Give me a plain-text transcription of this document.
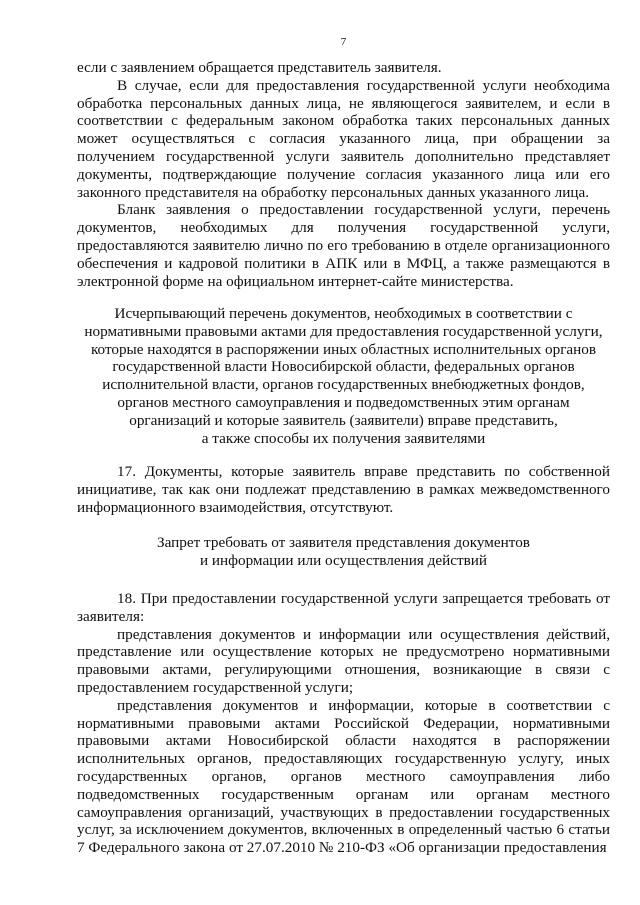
7

если с заявлением обращается представитель заявителя.

В случае, если для предоставления государственной услуги необходима обработка персональных данных лица, не являющегося заявителем, и если в соответствии с федеральным законом обработка таких персональных данных может осуществляться с согласия указанного лица, при обращении за получением государственной услуги заявитель дополнительно представляет документы, подтверждающие получение согласия указанного лица или его законного представителя на обработку персональных данных указанного лица.

Бланк заявления о предоставлении государственной услуги, перечень документов, необходимых для получения государственной услуги, предоставляются заявителю лично по его требованию в отделе организационного обеспечения и кадровой политики в АПК или в МФЦ, а также размещаются в электронной форме на официальном интернет-сайте министерства.

Исчерпывающий перечень документов, необходимых в соответствии с
нормативными правовыми актами для предоставления государственной услуги,
которые находятся в распоряжении иных областных исполнительных органов
государственной власти Новосибирской области, федеральных органов
исполнительной власти, органов государственных внебюджетных фондов,
органов местного самоуправления и подведомственных этим органам
организаций и которые заявитель (заявители) вправе представить,
а также способы их получения заявителями

17. Документы, которые заявитель вправе представить по собственной инициативе, так как они подлежат представлению в рамках межведомственного информационного взаимодействия, отсутствуют.

Запрет требовать от заявителя представления документов
и информации или осуществления действий

18. При предоставлении государственной услуги запрещается требовать от заявителя:

представления документов и информации или осуществления действий, представление или осуществление которых не предусмотрено нормативными правовыми актами, регулирующими отношения, возникающие в связи с предоставлением государственной услуги;

представления документов и информации, которые в соответствии с нормативными правовыми актами Российской Федерации, нормативными правовыми актами Новосибирской области находятся в распоряжении исполнительных органов, предоставляющих государственную услугу, иных государственных органов, органов местного самоуправления либо подведомственных государственным органам или органам местного самоуправления организаций, участвующих в предоставлении государственных услуг, за исключением документов, включенных в определенный частью 6 статьи 7 Федерального закона от 27.07.2010 № 210-ФЗ «Об организации предоставления
